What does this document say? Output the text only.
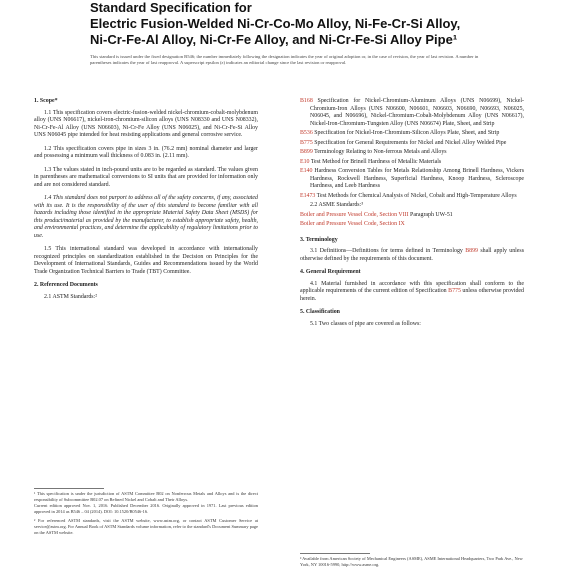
Standard Specification for
Electric Fusion-Welded Ni-Cr-Co-Mo Alloy, Ni-Fe-Cr-Si Alloy,
Ni-Cr-Fe-Al Alloy, Ni-Cr-Fe Alloy, and Ni-Cr-Fe-Si Alloy Pipe¹
This standard is issued under the fixed designation B546; the number immediately following the designation indicates the year of original adoption or, in the case of revision, the year of last revision. A number in parentheses indicates the year of last reapproval. A superscript epsilon (ε) indicates an editorial change since the last revision or reapproval.
1. Scope*
1.1 This specification covers electric-fusion-welded nickel-chromium-cobalt-molybdenum alloy (UNS N06617), nickel-iron-chromium-silicon alloys (UNS N08330 and UNS N08332), Ni-Cr-Fe-Al Alloy (UNS N06603), Ni-Cr-Fe Alloy (UNS N06025), and Ni-Cr-Fe-Si Alloy UNS N06045 pipe intended for heat resisting applications and general corrosive service.
1.2 This specification covers pipe in sizes 3 in. (76.2 mm) nominal diameter and larger and possessing a minimum wall thickness of 0.083 in. (2.11 mm).
1.3 The values stated in inch-pound units are to be regarded as standard. The values given in parentheses are mathematical conversions to SI units that are provided for information only and are not considered standard.
1.4 This standard does not purport to address all of the safety concerns, if any, associated with its use. It is the responsibility of the user of this standard to become familiar with all hazards including those identified in the appropriate Material Safety Data Sheet (MSDS) for this product/material as provided by the manufacturer, to establish appropriate safety, health, and environmental practices, and determine the applicability of regulatory limitations prior to use.
1.5 This international standard was developed in accordance with internationally recognized principles on standardization established in the Decision on Principles for the Development of International Standards, Guides and Recommendations issued by the World Trade Organization Technical Barriers to Trade (TBT) Committee.
2. Referenced Documents
2.1 ASTM Standards:²
¹ This specification is under the jurisdiction of ASTM Committee B02 on Nonferrous Metals and Alloys and is the direct responsibility of Subcommittee B02.07 on Refined Nickel and Cobalt and Their Alloys.
Current edition approved Nov. 1, 2016. Published December 2016. Originally approved in 1971. Last previous edition approved in 2014 as B546 – 04 (2014). DOI: 10.1520/B0546-16.
² For referenced ASTM standards, visit the ASTM website, www.astm.org, or contact ASTM Customer Service at service@astm.org. For Annual Book of ASTM Standards volume information, refer to the standard's Document Summary page on the ASTM website.
B168 Specification for Nickel-Chromium-Aluminum Alloys (UNS N06699), Nickel-Chromium-Iron Alloys (UNS N06600, N06601, N06603, N06690, N06693, N06025, N06045, and N06696), Nickel-Chromium-Cobalt-Molybdenum Alloy (UNS N06617), Nickel-Iron-Chromium-Tungsten Alloy (UNS N06674) Plate, Sheet, and Strip
B536 Specification for Nickel-Iron-Chromium-Silicon Alloys Plate, Sheet, and Strip
B775 Specification for General Requirements for Nickel and Nickel Alloy Welded Pipe
B899 Terminology Relating to Non-ferrous Metals and Alloys
E10 Test Method for Brinell Hardness of Metallic Materials
E140 Hardness Conversion Tables for Metals Relationship Among Brinell Hardness, Vickers Hardness, Rockwell Hardness, Superficial Hardness, Knoop Hardness, Scleroscope Hardness, and Leeb Hardness
E1473 Test Methods for Chemical Analysis of Nickel, Cobalt and High-Temperature Alloys
2.2 ASME Standards:³
Boiler and Pressure Vessel Code, Section VIII Paragraph UW-51
Boiler and Pressure Vessel Code, Section IX
3. Terminology
3.1 Definitions—Definitions for terms defined in Terminology B899 shall apply unless otherwise defined by the requirements of this document.
4. General Requirement
4.1 Material furnished in accordance with this specification shall conform to the applicable requirements of the current edition of Specification B775 unless otherwise provided herein.
5. Classification
5.1 Two classes of pipe are covered as follows:
³ Available from American Society of Mechanical Engineers (ASME), ASME International Headquarters, Two Park Ave., New York, NY 10016-5990, http://www.asme.org.
